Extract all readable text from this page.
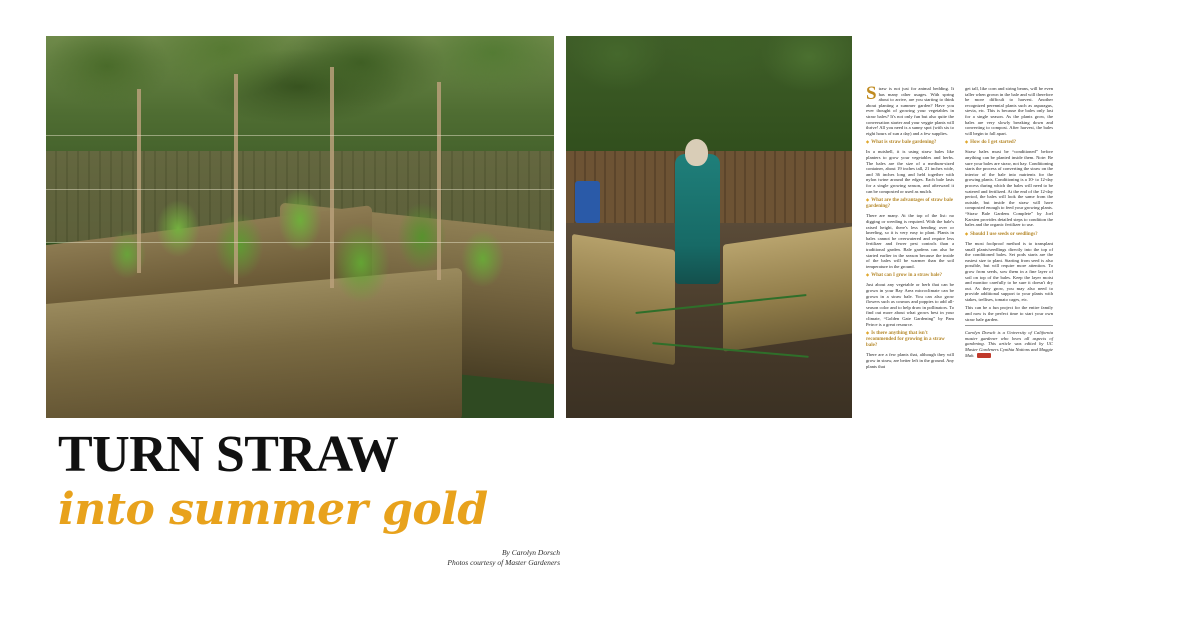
TURN STRAW
into summer gold
By Carolyn Dorsch
Photos courtesy of Master Gardeners

Straw is not just for animal bedding. It has many other usages. With spring about to arrive, are you starting to think about planting a summer garden? Have you ever thought of growing your vegetables in straw bales? It's not only fun but also quite the conversation starter and your veggie plants will thrive! All you need is a sunny spot (with six to eight hours of sun a day) and a few supplies.

◆ What is straw bale gardening?

In a nutshell, it is using straw bales like planters to grow your vegetables and herbs. The bales are the size of a medium-sized container, about 19 inches tall, 21 inches wide, and 36 inches long and held together with nylon twine around the edges. Each bale lasts for a single growing season, and afterward it can be composted or used as mulch.

◆ What are the advantages of straw bale gardening?

There are many. At the top of the list: no digging or weeding is required. With the bale's raised height, there's less bending over or kneeling, so it is very easy to plant. Plants in bales cannot be overwatered and require less fertilizer and fewer pest controls than a traditional garden. Bale gardens can also be started earlier in the season because the inside of the bales will be warmer than the soil temperature in the ground.

◆ What can I grow in a straw bale?

Just about any vegetable or herb that can be grown in your Bay Area microclimate can be grown in a straw bale. You can also grow flowers such as cosmos and poppies to add all-season color and to help draw in pollinators. To find out more about what grows best in your climate, “Golden Gate Gardening” by Pam Peirce is a great resource.

◆ Is there anything that isn't recommended for growing in a straw bale?

There are a few plants that, although they will grow in straw, are better left in the ground. Any plants that

get tall, like corn and string beans, will be even taller when grown in the bale and will therefore be more difficult to harvest. Another recognized perennial plants such as asparagus, stevia, etc. This is because the bales only last for a single season. As the plants grow, the bales are very slowly breaking down and converting to compost. After harvest, the bales will begin to fall apart.

◆ How do I get started?

Straw bales must be “conditioned” before anything can be planted inside them. Note: Be sure your bales are straw, not hay. Conditioning starts the process of converting the straw on the interior of the bale into nutrients for the growing plants. Conditioning is a 10- to 12-day process during which the bales will need to be watered and fertilized. At the end of the 12-day period, the bales will look the same from the outside, but inside the straw will have composted enough to feed your growing plants. “Straw Bale Gardens Complete” by Joel Karsten provides detailed steps to condition the bales and the organic fertilizer to use.

◆ Should I use seeds or seedlings?

The most foolproof method is to transplant small plants/seedlings directly into the top of the conditioned bales. Set pods starts are the easiest size to plant. Starting from seed is also possible, but will require more attention. To grow from seeds, sow them in a fine layer of soil on top of the bales. Keep the layer moist and monitor carefully to be sure it doesn't dry out. As they grow, you may also need to provide additional support to your plants with stakes, trellises, tomato cages, etc.

This can be a fun project for the entire family and now is the perfect time to start your own straw bale garden.

Carolyn Dorsch is a University of California master gardener who loves all aspects of gardening. This article was edited by UC Master Gardeners Cynthia Nations and Maggie Mah.
